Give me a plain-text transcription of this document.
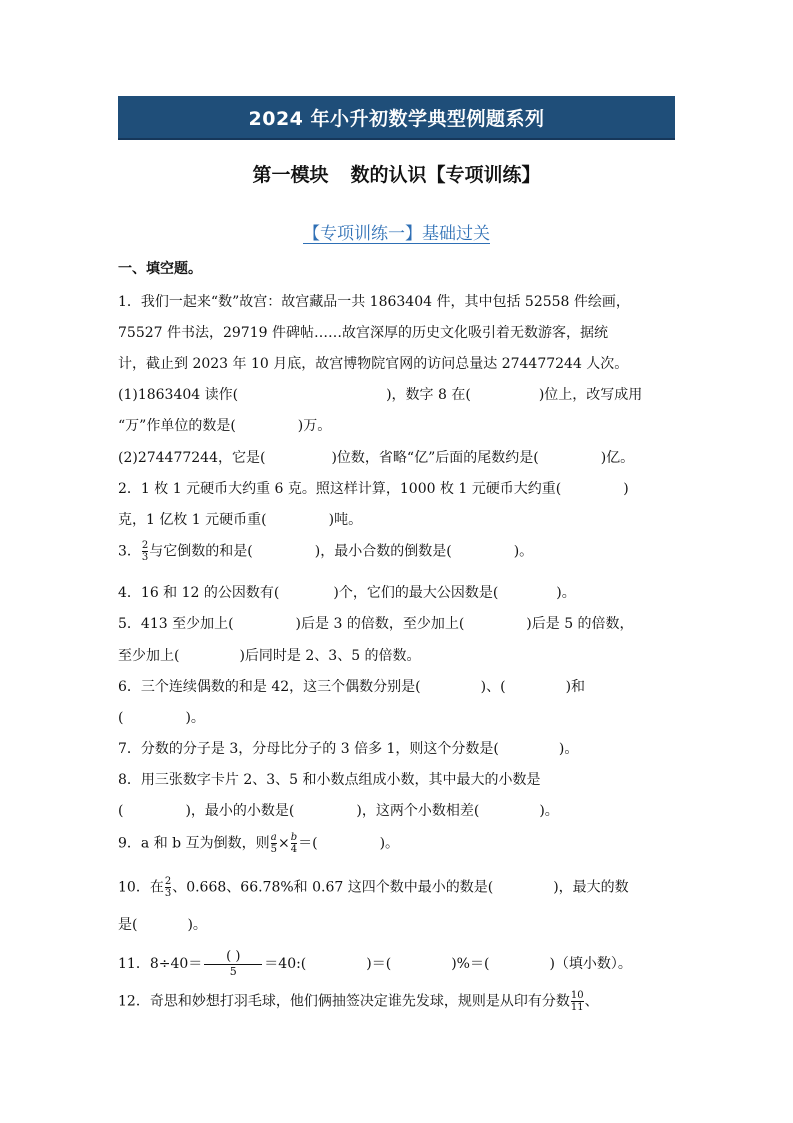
2024 年小升初数学典型例题系列
第一模块 数的认识【专项训练】
【专项训练一】基础过关
一、填空题。
1．我们一起来“数”故宫：故宫藏品一共 1863404 件，其中包括 52558 件绘画，
75527 件书法，29719 件碑帖……故宫深厚的历史文化吸引着无数游客，据统
计，截止到 2023 年 10 月底，故宫博物院官网的访问总量达 274477244 人次。
(1)1863404 读作(	)，数字 8 在(	)位上，改写成用
“万”作单位的数是(	)万。
(2)274477244，它是(	)位数，省略“亿”后面的尾数约是(	)亿。
2．1 枚 1 元硬币大约重 6 克。照这样计算，1000 枚 1 元硬币大约重(	)
克，1 亿枚 1 元硬币重(	)吨。
3． $\frac{2}{3}$ 与它倒数的和是(	)，最小合数的倒数是(	)。
4．16 和 12 的公因数有(	)个，它们的最大公因数是(	)。
5．413 至少加上(	)后是 3 的倍数，至少加上(	)后是 5 的倍数，
至少加上(	)后同时是 2、3、5 的倍数。
6．三个连续偶数的和是 42，这三个偶数分别是(	)、(	)和
(	)。
7．分数的分子是 3，分母比分子的 3 倍多 1，则这个分数是(	)。
8．用三张数字卡片 2、3、5 和小数点组成小数，其中最大的小数是
(	)，最小的小数是(	)，这两个小数相差(	)。
9．a 和 b 互为倒数，则 $\frac{a}{5} \times \frac{b}{4}$ ＝(	)。
10．在 $\frac{2}{3}$ 、0.668、66.78%和 0.67 这四个数中最小的数是(	)，最大的数
是(	)。
11．$8\div 40= \frac{( )}{5}$ ＝40:(	)＝(	)%＝(	)（填小数）。
12．奇思和妙想打羽毛球，他们俩抽签决定谁先发球，规则是从印有分数 $\frac{10}{11}$ 、
